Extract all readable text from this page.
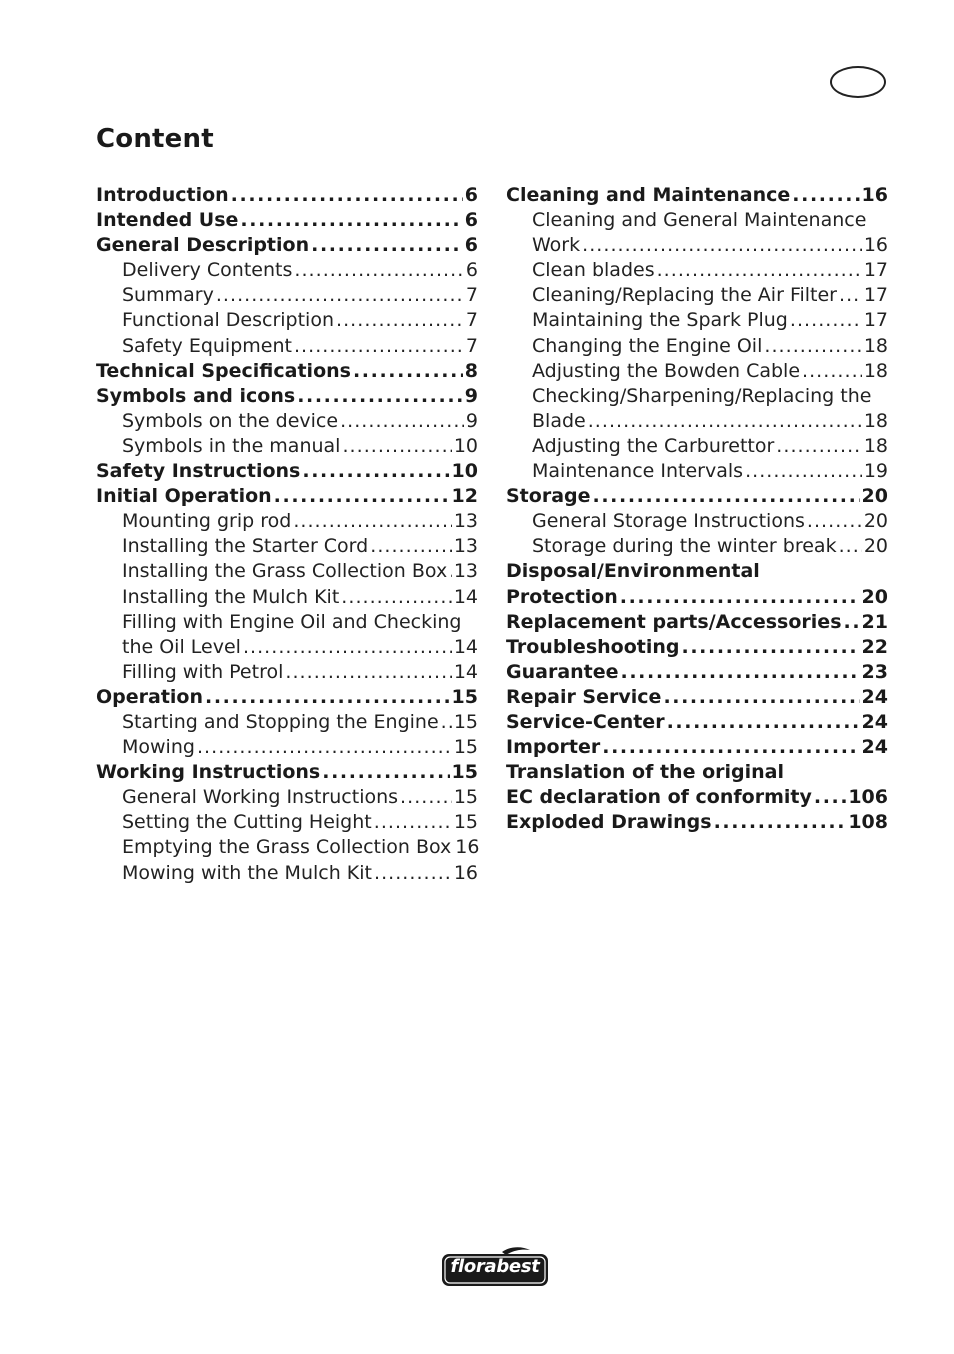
Content
Introduction . . .	6
Intended Use . . .	6
General Description . . .	6
Delivery Contents . . .	6
Summary . . .	7
Functional Description . . .	7
Safety Equipment . . .	7
Technical Specifications . . .	8
Symbols and icons . . .	9
Symbols on the device . . .	9
Symbols in the manual . . .	10
Safety Instructions . . .	10
Initial Operation . . .	12
Mounting grip rod . . .	13
Installing the Starter Cord . . .	13
Installing the Grass Collection Box . . . 13
Installing the Mulch Kit . . .	14
Filling with Engine Oil and Checking
the Oil Level . . .	14
Filling with Petrol . . .	14
Operation . . .	15
Starting and Stopping the Engine . . . 15
Mowing . . .	15
Working Instructions . . .	15
General Working Instructions . . .	15
Setting the Cutting Height . . .	15
Emptying the Grass Collection Box 16
Mowing with the Mulch Kit . . .	16
Cleaning and Maintenance . . .	16
Cleaning and General Maintenance
Work . . .	16
Clean blades . . .	17
Cleaning/Replacing the Air Filter . . . 17
Maintaining the Spark Plug . . .	17
Changing the Engine Oil . . .	18
Adjusting the Bowden Cable . . .	18
Checking/Sharpening/Replacing the
Blade . . .	18
Adjusting the Carburettor . . .	18
Maintenance Intervals . . .	19
Storage . . .	20
General Storage Instructions . . .	20
Storage during the winter break . . . 20
Disposal/Environmental
Protection . . .	20
Replacement parts/Accessories . . . 21
Troubleshooting . . .	22
Guarantee . . .	23
Repair Service . . .	24
Service-Center . . .	24
Importer . . .	24
Translation of the original
EC declaration of conformity . . . 106
Exploded Drawings . . .	108
florabest
